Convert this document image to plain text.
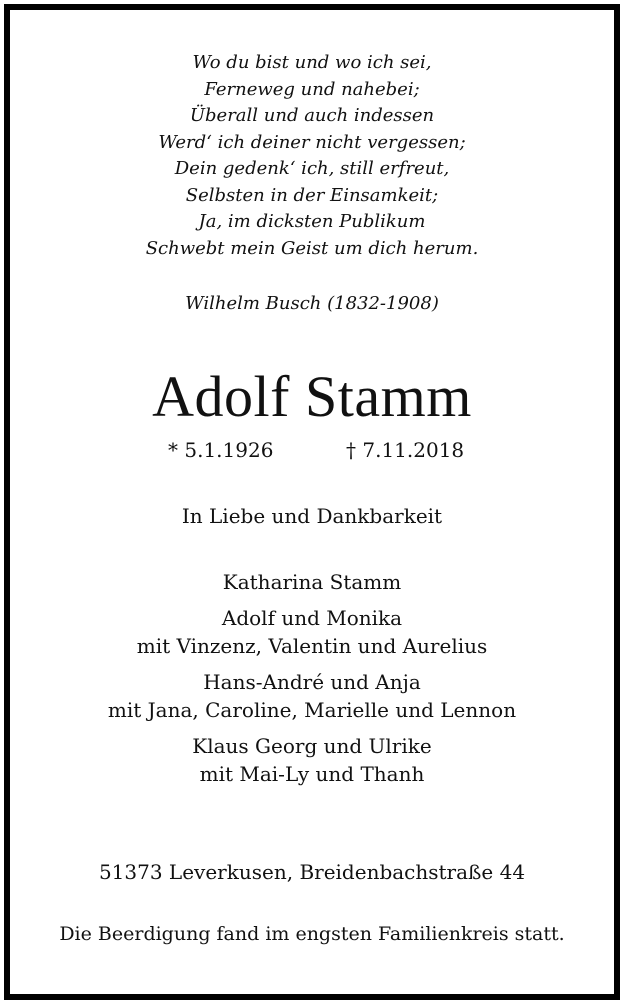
Wo du bist und wo ich sei,
Ferneweg und nahebei;
Überall und auch indessen
Werd‘ ich deiner nicht vergessen;
Dein gedenk‘ ich, still erfreut,
Selbsten in der Einsamkeit;
Ja, im dicksten Publikum
Schwebt mein Geist um dich herum.
Wilhelm Busch (1832-1908)
Adolf Stamm
* 5.1.1926	† 7.11.2018
In Liebe und Dankbarkeit
Katharina Stamm
Adolf und Monika
mit Vinzenz, Valentin und Aurelius
Hans-André und Anja
mit Jana, Caroline, Marielle und Lennon
Klaus Georg und Ulrike
mit Mai-Ly und Thanh
51373 Leverkusen, Breidenbachstraße 44
Die Beerdigung fand im engsten Familienkreis statt.
